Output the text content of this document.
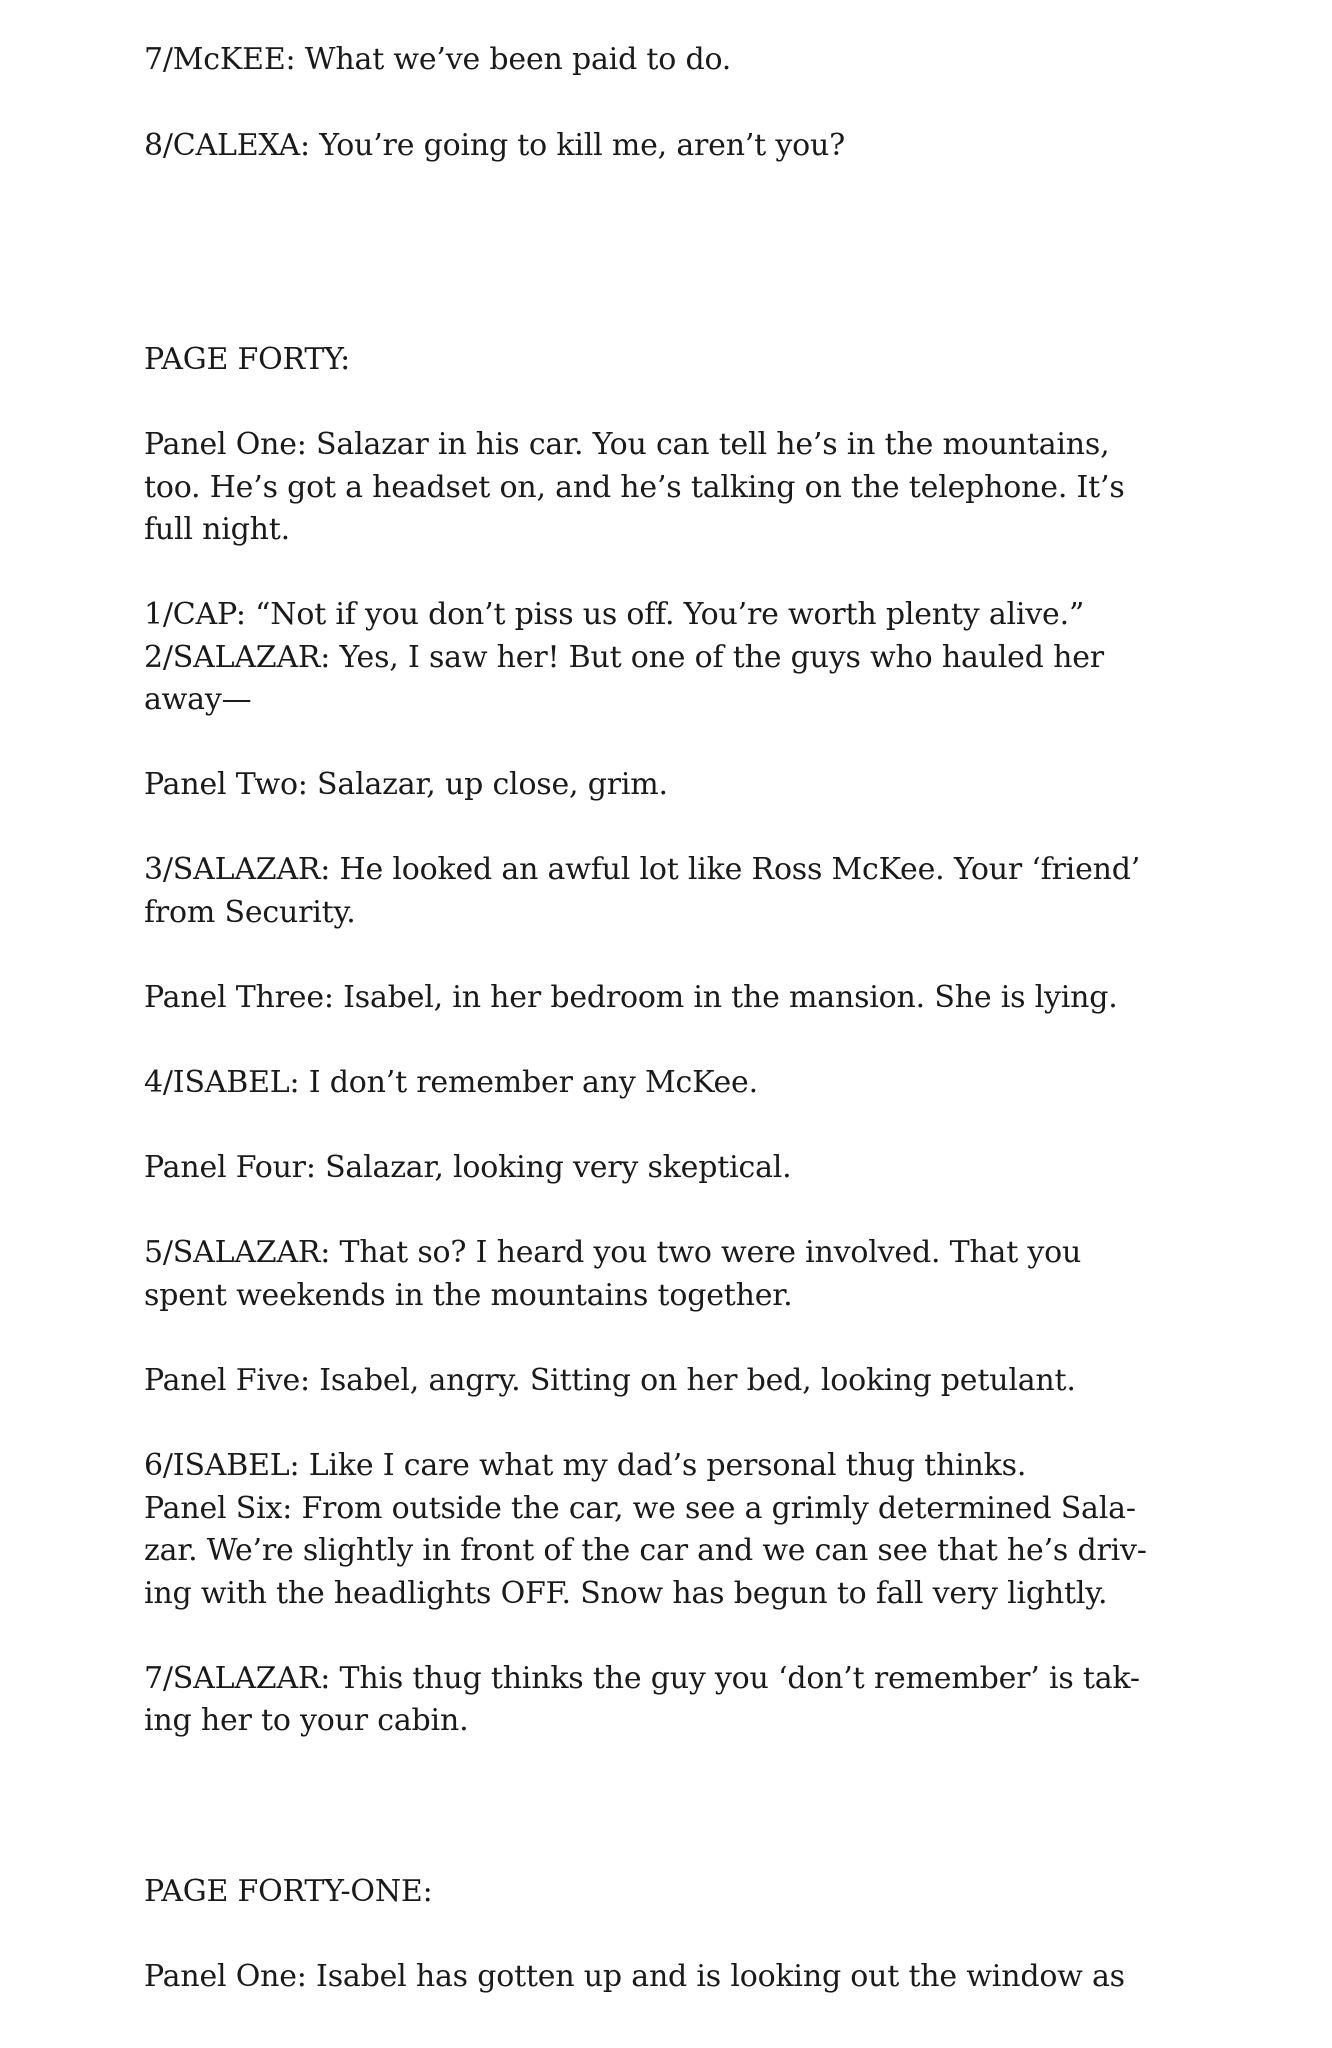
7/McKEE: What we’ve been paid to do.
8/CALEXA: You’re going to kill me, aren’t you?
PAGE FORTY:
Panel One: Salazar in his car. You can tell he’s in the mountains,
too. He’s got a headset on, and he’s talking on the telephone. It’s
full night.
1/CAP: “Not if you don’t piss us off. You’re worth plenty alive.”
2/SALAZAR: Yes, I saw her! But one of the guys who hauled her
away—
Panel Two: Salazar, up close, grim.
3/SALAZAR: He looked an awful lot like Ross McKee. Your ‘friend’
from Security.
Panel Three: Isabel, in her bedroom in the mansion. She is lying.
4/ISABEL: I don’t remember any McKee.
Panel Four: Salazar, looking very skeptical.
5/SALAZAR: That so? I heard you two were involved. That you
spent weekends in the mountains together.
Panel Five: Isabel, angry. Sitting on her bed, looking petulant.
6/ISABEL: Like I care what my dad’s personal thug thinks.
Panel Six: From outside the car, we see a grimly determined Sala-
zar. We’re slightly in front of the car and we can see that he’s driv-
ing with the headlights OFF. Snow has begun to fall very lightly.
7/SALAZAR: This thug thinks the guy you ‘don’t remember’ is tak-
ing her to your cabin.
PAGE FORTY-ONE:
Panel One: Isabel has gotten up and is looking out the window as
